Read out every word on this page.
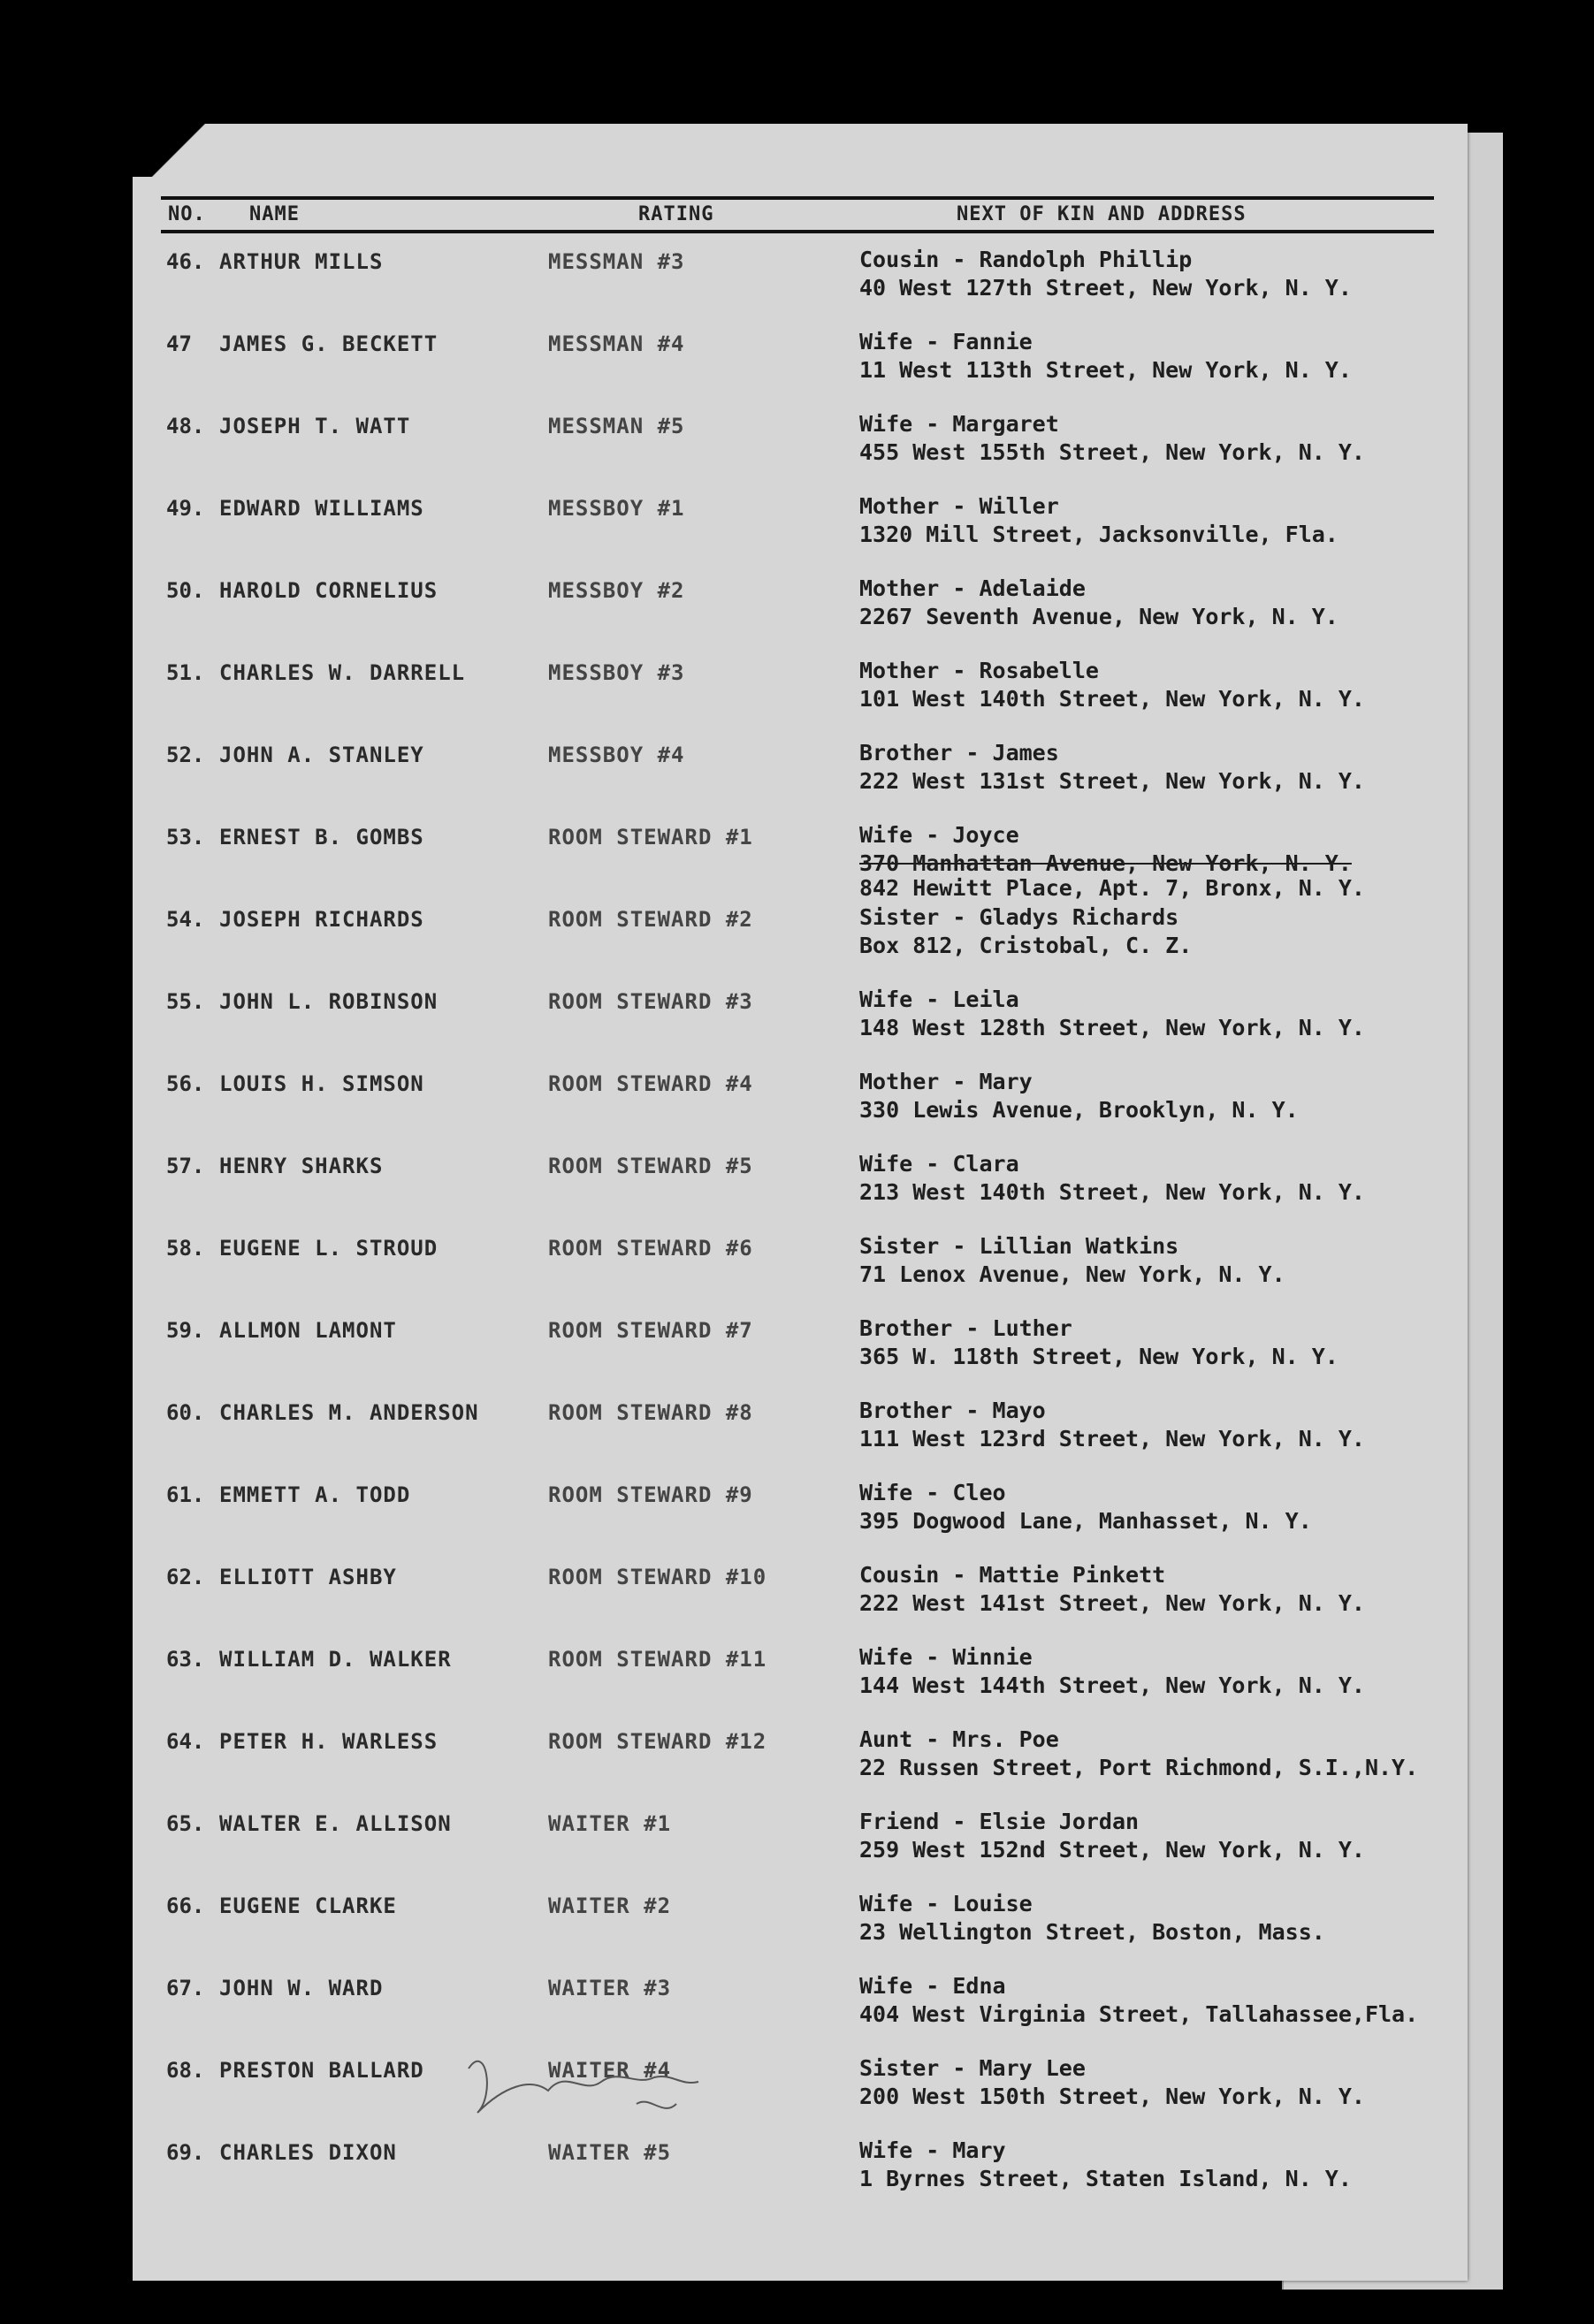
NO. NAME	RATING	NEXT OF KIN AND ADDRESS
46. ARTHUR MILLS	MESSMAN #3	Cousin - Randolph Phillip
40 West 127th Street, New York, N. Y.
47 JAMES G. BECKETT	MESSMAN #4	Wife - Fannie
11 West 113th Street, New York, N. Y.
48. JOSEPH T. WATT	MESSMAN #5	Wife - Margaret
455 West 155th Street, New York, N. Y.
49. EDWARD WILLIAMS	MESSBOY #1	Mother - Willer
1320 Mill Street, Jacksonville, Fla.
50. HAROLD CORNELIUS	MESSBOY #2	Mother - Adelaide
2267 Seventh Avenue, New York, N. Y.
51. CHARLES W. DARRELL	MESSBOY #3	Mother - Rosabelle
101 West 140th Street, New York, N. Y.
52. JOHN A. STANLEY	MESSBOY #4	Brother - James
222 West 131st Street, New York, N. Y.
53. ERNEST B. GOMBS	ROOM STEWARD #1	Wife - Joyce
370 Manhattan Avenue, New York, N. Y.
842 Hewitt Place, Apt. 7, Bronx, N. Y.
54. JOSEPH RICHARDS	ROOM STEWARD #2	Sister - Gladys Richards
Box 812, Cristobal, C. Z.
55. JOHN L. ROBINSON	ROOM STEWARD #3	Wife - Leila
148 West 128th Street, New York, N. Y.
56. LOUIS H. SIMSON	ROOM STEWARD #4	Mother - Mary
330 Lewis Avenue, Brooklyn, N. Y.
57. HENRY SHARKS	ROOM STEWARD #5	Wife - Clara
213 West 140th Street, New York, N. Y.
58. EUGENE L. STROUD	ROOM STEWARD #6	Sister - Lillian Watkins
71 Lenox Avenue, New York, N. Y.
59. ALLMON LAMONT	ROOM STEWARD #7	Brother - Luther
365 W. 118th Street, New York, N. Y.
60. CHARLES M. ANDERSON	ROOM STEWARD #8	Brother - Mayo
111 West 123rd Street, New York, N. Y.
61. EMMETT A. TODD	ROOM STEWARD #9	Wife - Cleo
395 Dogwood Lane, Manhasset, N. Y.
62. ELLIOTT ASHBY	ROOM STEWARD #10	Cousin - Mattie Pinkett
222 West 141st Street, New York, N. Y.
63. WILLIAM D. WALKER	ROOM STEWARD #11	Wife - Winnie
144 West 144th Street, New York, N. Y.
64. PETER H. WARLESS	ROOM STEWARD #12	Aunt - Mrs. Poe
22 Russen Street, Port Richmond, S.I.,N.Y.
65. WALTER E. ALLISON	WAITER #1	Friend - Elsie Jordan
259 West 152nd Street, New York, N. Y.
66. EUGENE CLARKE	WAITER #2	Wife - Louise
23 Wellington Street, Boston, Mass.
67. JOHN W. WARD	WAITER #3	Wife - Edna
404 West Virginia Street, Tallahassee,Fla.
68. PRESTON BALLARD	WAITER #4	Sister - Mary Lee
200 West 150th Street, New York, N. Y.
69. CHARLES DIXON	WAITER #5	Wife - Mary
1 Byrnes Street, Staten Island, N. Y.
